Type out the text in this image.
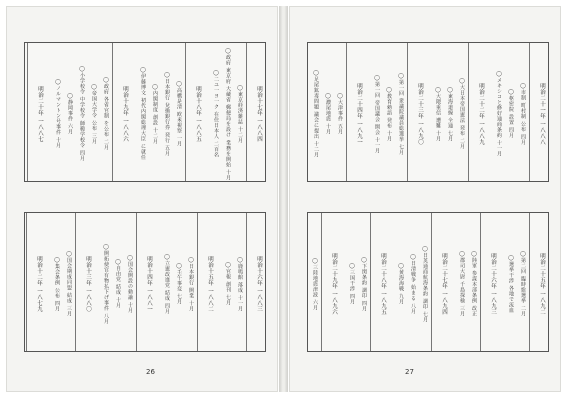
明治十七年 一八八四
◯東京経済雑誌 十二月
◯政府 東京府 大蔵省 郵便局を設け 業務を開始 十月
◯二ユ一ヨ一ク 在住日本人 二百名
明治十八年 一八八五
◯高橋是清 欧米視察 一月
◯日本銀行 兌換銀行券 発行 五月
◯内閣制度 創設 十二月
◯伊藤博文 初代内閣総理大臣 に就任
明治十九年 一八八六
◯政府 各省官制 を公布 二月
◯帝国大学令 公布 三月
◯小学校令 中学校令 師範学校令 四月
◯静岡事件 六月
◯ノルマントン号事件 十月
明治二十年 一八八七
明治十六年 一八八三
◯鹿鳴館 落成 十一月
◯官報 創刊 七月
明治十五年 一八八二
◯日本銀行 開業 十月
◯壬午事変 七月
◯立憲改進党 結成 四月
明治十四年 一八八一
◯国会開設の勅諭 十月
◯自由党 結成 十月
◯開拓使官有物払下げ事件 八月
明治十三年 一八八〇
◯国会期成同盟 結成 三月
◯集会条例 公布 四月
明治十二年 一八七九
26
明治二十一年 一八八八
◯市制 町村制 公布 四月
◯枢密院 設置 四月
◯メキシコと修好通商条約 十一月
明治二十二年 一八八九
◯大日本帝国憲法 発布 二月
◯東海道線 全通 七月
◯大隈重信 遭難 十月
明治二十三年 一八九〇
◯第一回 衆議院議員総選挙 七月
◯教育勅語 発布 十月
◯第一回 帝国議会 開会 十一月
明治二十四年 一八九一
◯大津事件 五月
◯濃尾地震 十月
◯足尾鉱毒問題 議会に提出 十二月
明治二十五年 一八九二
◯第二回 臨時総選挙 二月
◯選挙干渉 各地で流血
明治二十六年 一八九三
◯陸軍 参謀本部条例 改正
◯郡司大尉 千島探検 三月
明治二十七年 一八九四
◯日英通商航海条約 調印 七月
◯日清戦争 始まる 八月
◯黄海海戦 九月
明治二十八年 一八九五
◯下関条約 調印 四月
◯三国干渉 四月
明治二十九年 一八九六
◯三陸地震津波 六月
27
